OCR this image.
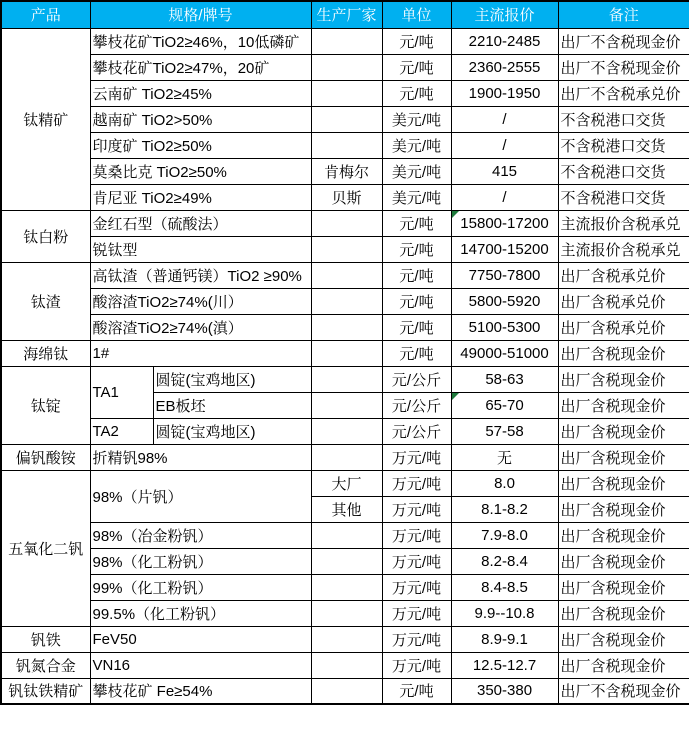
产品	规格/牌号		生产厂家	单位	主流报价	备注
钛精矿	攀枝花矿TiO2≥46%，10低磷矿			元/吨	2210-2485	出厂不含税现金价
	攀枝花矿TiO2≥47%，20矿			元/吨	2360-2555	出厂不含税现金价
	云南矿 TiO2≥45%			元/吨	1900-1950	出厂不含税承兑价
	越南矿 TiO2>50%			美元/吨	/	不含税港口交货
	印度矿 TiO2≥50%			美元/吨	/	不含税港口交货
	莫桑比克 TiO2≥50%		肯梅尔	美元/吨	415	不含税港口交货
	肯尼亚 TiO2≥49%		贝斯	美元/吨	/	不含税港口交货
钛白粉	金红石型（硫酸法）			元/吨	15800-17200	主流报价含税承兑
	锐钛型			元/吨	14700-15200	主流报价含税承兑
钛渣	高钛渣（普通钙镁）TiO2 ≥90%			元/吨	7750-7800	出厂含税承兑价
	酸溶渣TiO2≥74%(川）			元/吨	5800-5920	出厂含税承兑价
	酸溶渣TiO2≥74%(滇）			元/吨	5100-5300	出厂含税承兑价
海绵钛	1#			元/吨	49000-51000	出厂含税现金价
钛锭	TA1	圆锭(宝鸡地区)		元/公斤	58-63	出厂含税现金价
		EB板坯		元/公斤	65-70	出厂含税现金价
	TA2	圆锭(宝鸡地区)		元/公斤	57-58	出厂含税现金价
偏钒酸铵	折精钒98%			万元/吨	无	出厂含税现金价
五氧化二钒	98%（片钒）		大厂	万元/吨	8.0	出厂含税现金价
			其他	万元/吨	8.1-8.2	出厂含税现金价
	98%（冶金粉钒）			万元/吨	7.9-8.0	出厂含税现金价
	98%（化工粉钒）			万元/吨	8.2-8.4	出厂含税现金价
	99%（化工粉钒）			万元/吨	8.4-8.5	出厂含税现金价
	99.5%（化工粉钒）			万元/吨	9.9--10.8	出厂含税现金价
钒铁	FeV50			万元/吨	8.9-9.1	出厂含税现金价
钒氮合金	VN16			万元/吨	12.5-12.7	出厂含税现金价
钒钛铁精矿	攀枝花矿 Fe≥54%			元/吨	350-380	出厂不含税现金价
